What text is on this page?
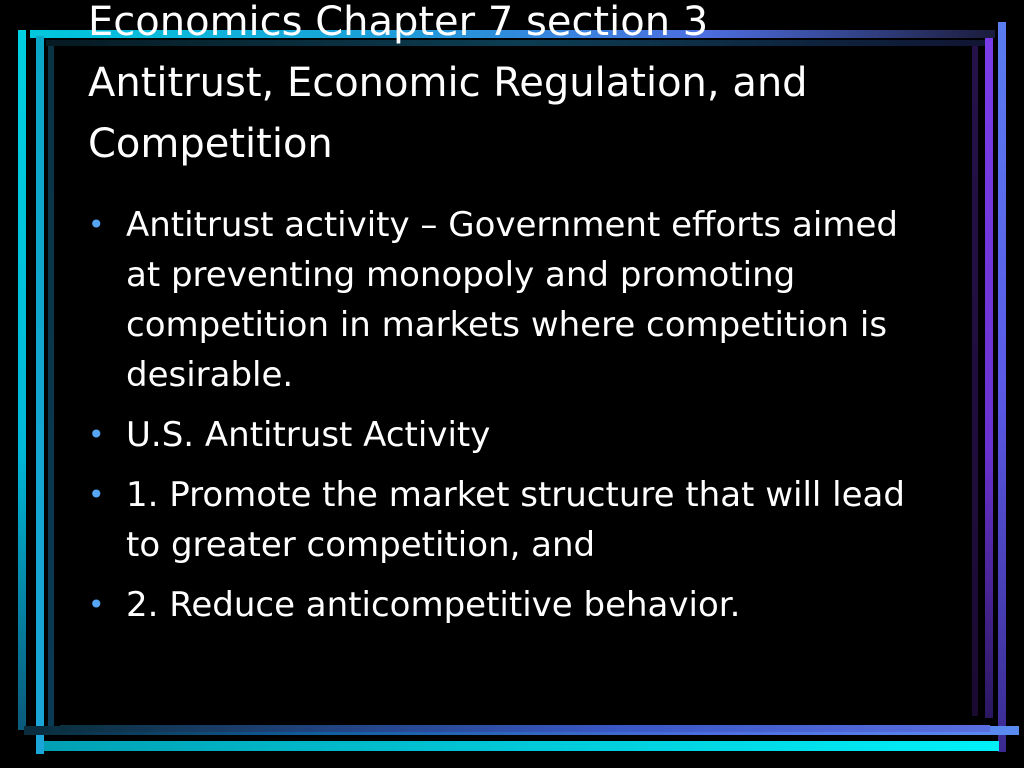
Economics Chapter 7 section 3
Antitrust, Economic Regulation, and
Competition
• Antitrust activity – Government efforts aimed at preventing monopoly and promoting competition in markets where competition is desirable.
• U.S. Antitrust Activity
• 1. Promote the market structure that will lead to greater competition, and
• 2. Reduce anticompetitive behavior.
